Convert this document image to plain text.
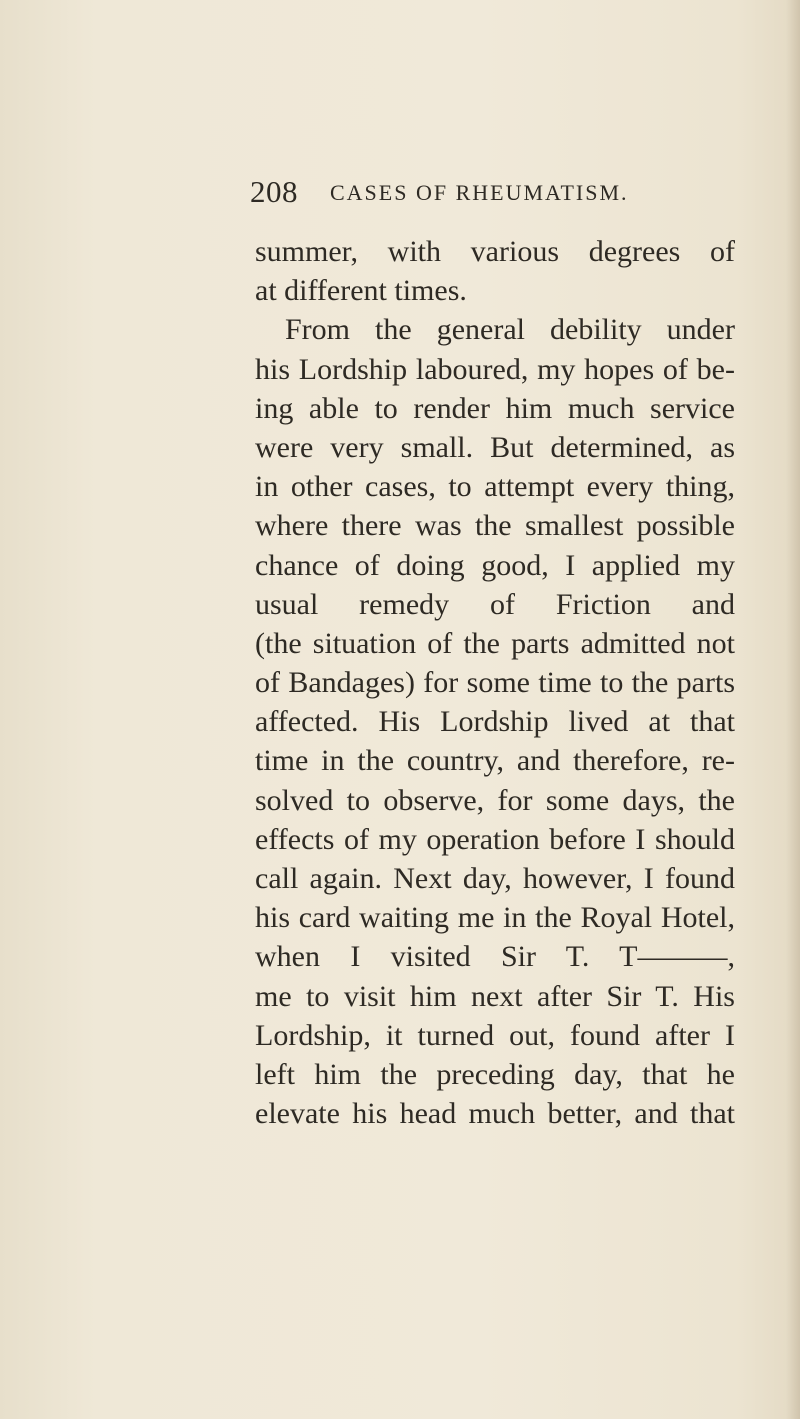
208 CASES OF RHEUMATISM.
summer, with various degrees of
at different times.
From the general debility under
his Lordship laboured, my hopes of be-
ing able to render him much service
were very small. But determined, as
in other cases, to attempt every thing,
where there was the smallest possible
chance of doing good, I applied my
usual remedy of Friction and
(the situation of the parts admitted not
of Bandages) for some time to the parts
affected. His Lordship lived at that
time in the country, and therefore, re-
solved to observe, for some days, the
effects of my operation before I should
call again. Next day, however, I found
his card waiting me in the Royal Hotel,
when I visited Sir T. T———,
me to visit him next after Sir T. His
Lordship, it turned out, found after I
left him the preceding day, that he
elevate his head much better, and that
